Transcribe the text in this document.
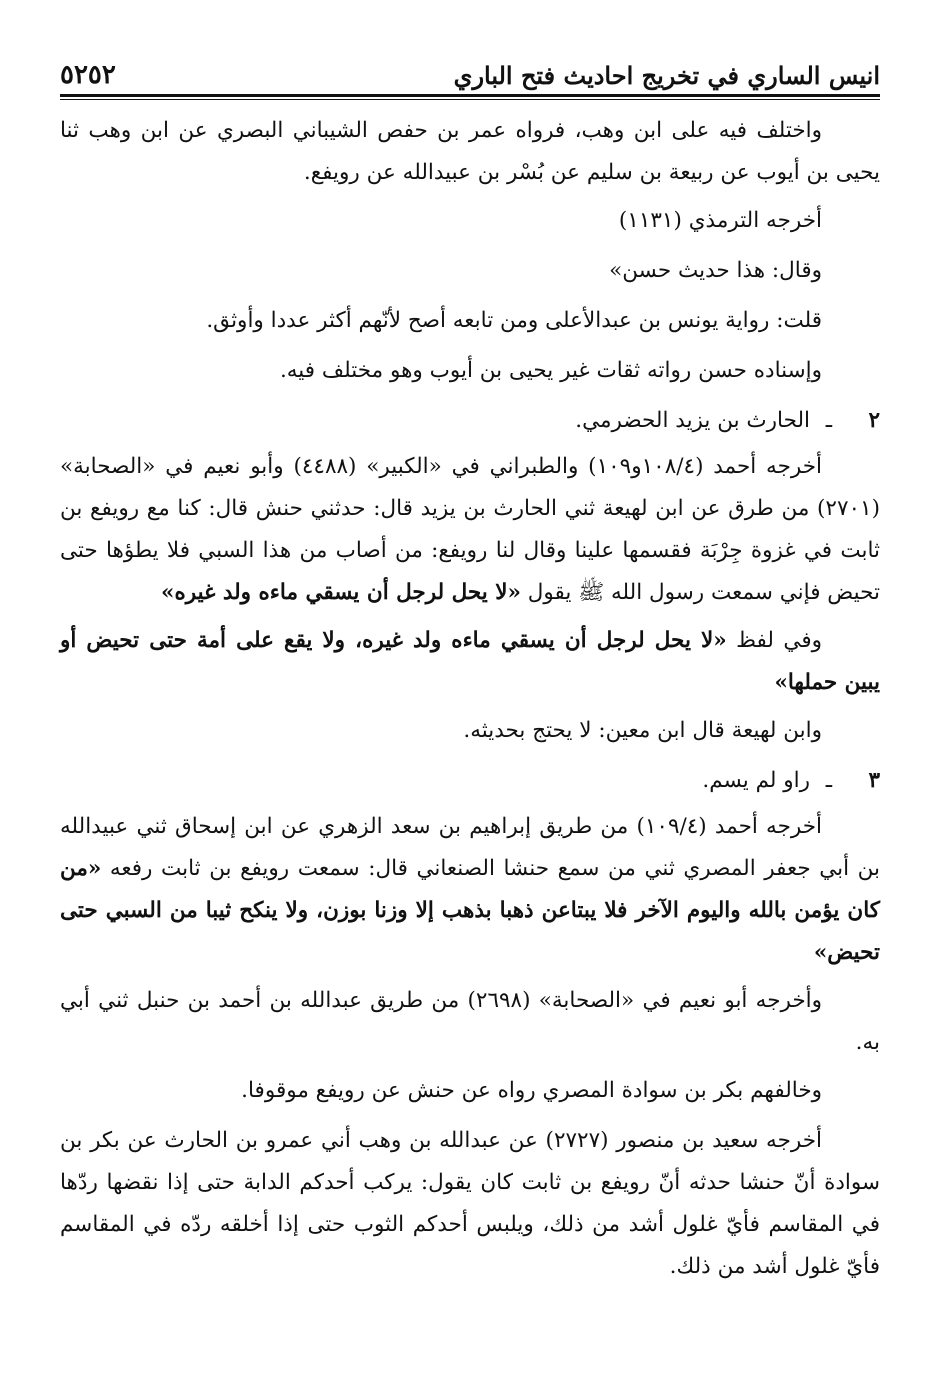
انيس الساري في تخريج احاديث فتح الباري
٥٢٥٢

واختلف فيه على ابن وهب، فرواه عمر بن حفص الشيباني البصري عن ابن وهب ثنا يحيى بن أيوب عن ربيعة بن سليم عن بُسْر بن عبيدالله عن رويفع.

أخرجه الترمذي (١١٣١)

وقال: هذا حديث حسن»

قلت: رواية يونس بن عبدالأعلى ومن تابعه أصح لأنّهم أكثر عددا وأوثق.

وإسناده حسن رواته ثقات غير يحيى بن أيوب وهو مختلف فيه.

٢ـالحارث بن يزيد الحضرمي.

أخرجه أحمد (١٠٨/٤و١٠٩) والطبراني في «الكبير» (٤٤٨٨) وأبو نعيم في «الصحابة» (٢٧٠١) من طرق عن ابن لهيعة ثني الحارث بن يزيد قال: حدثني حنش قال: كنا مع رويفع بن ثابت في غزوة جِرْبَة فقسمها علينا وقال لنا رويفع: من أصاب من هذا السبي فلا يطؤها حتى تحيض فإني سمعت رسول الله ﷺ يقول «لا يحل لرجل أن يسقي ماءه ولد غيره»

وفي لفظ «لا يحل لرجل أن يسقي ماءه ولد غيره، ولا يقع على أمة حتى تحيض أو يبين حملها»

وابن لهيعة قال ابن معين: لا يحتج بحديثه.

٣ـراو لم يسم.

أخرجه أحمد (١٠٩/٤) من طريق إبراهيم بن سعد الزهري عن ابن إسحاق ثني عبيدالله بن أبي جعفر المصري ثني من سمع حنشا الصنعاني قال: سمعت رويفع بن ثابت رفعه «من كان يؤمن بالله واليوم الآخر فلا يبتاعن ذهبا بذهب إلا وزنا بوزن، ولا ينكح ثيبا من السبي حتى تحيض»

وأخرجه أبو نعيم في «الصحابة» (٢٦٩٨) من طريق عبدالله بن أحمد بن حنبل ثني أبي به.

وخالفهم بكر بن سوادة المصري رواه عن حنش عن رويفع موقوفا.

أخرجه سعيد بن منصور (٢٧٢٧) عن عبدالله بن وهب أني عمرو بن الحارث عن بكر بن سوادة أنّ حنشا حدثه أنّ رويفع بن ثابت كان يقول: يركب أحدكم الدابة حتى إذا نقضها ردّها في المقاسم فأيّ غلول أشد من ذلك، ويلبس أحدكم الثوب حتى إذا أخلقه ردّه في المقاسم فأيّ غلول أشد من ذلك.
